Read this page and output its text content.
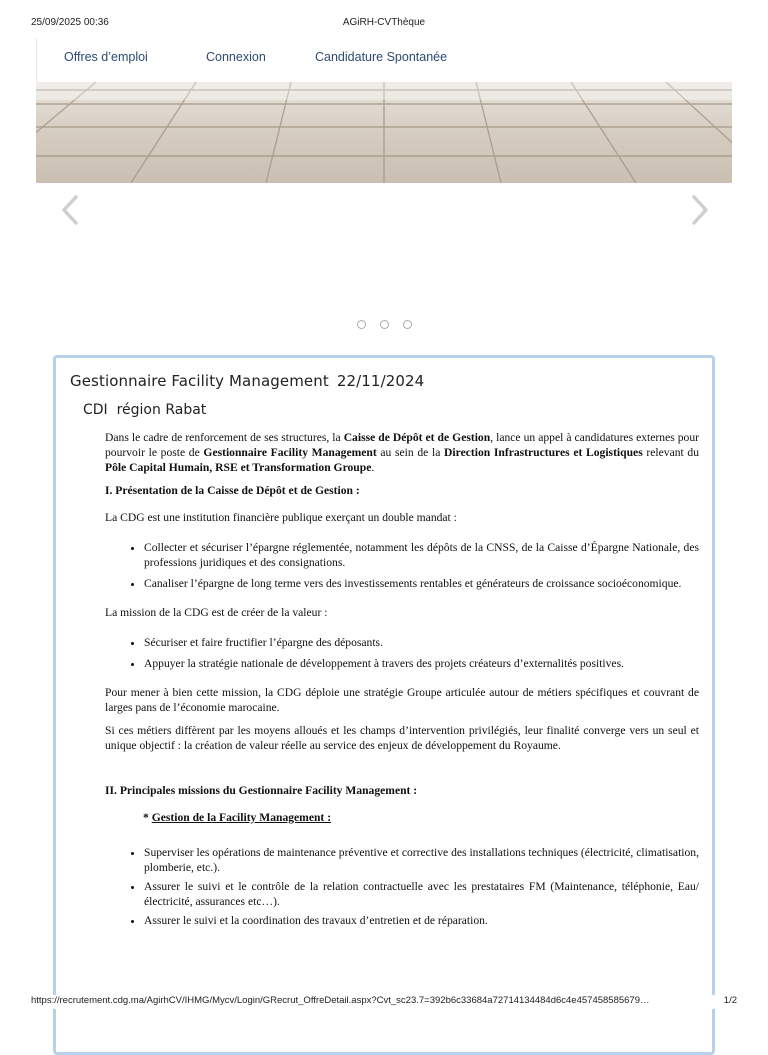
25/09/2025 00:36	AGiRH-CVThèque
Offres d’emploi	Connexion	Candidature Spontanée
Gestionnaire Facility Management 22/11/2024
CDI région Rabat

Dans le cadre de renforcement de ses structures, la Caisse de Dépôt et de Gestion, lance un appel à candidatures externes pour pourvoir le poste de Gestionnaire Facility Management au sein de la Direction Infrastructures et Logistiques relevant du Pôle Capital Humain, RSE et Transformation Groupe.

I. Présentation de la Caisse de Dépôt et de Gestion :

La CDG est une institution financière publique exerçant un double mandat :

• Collecter et sécuriser l’épargne réglementée, notamment les dépôts de la CNSS, de la Caisse d’Épargne Nationale, des professions juridiques et des consignations.
• Canaliser l’épargne de long terme vers des investissements rentables et générateurs de croissance socioéconomique.

La mission de la CDG est de créer de la valeur :

• Sécuriser et faire fructifier l’épargne des déposants.
• Appuyer la stratégie nationale de développement à travers des projets créateurs d’externalités positives.

Pour mener à bien cette mission, la CDG déploie une stratégie Groupe articulée autour de métiers spécifiques et couvrant de larges pans de l’économie marocaine.

Si ces métiers diffèrent par les moyens alloués et les champs d’intervention privilégiés, leur finalité converge vers un seul et unique objectif : la création de valeur réelle au service des enjeux de développement du Royaume.

II. Principales missions du Gestionnaire Facility Management :

* Gestion de la Facility Management :

• Superviser les opérations de maintenance préventive et corrective des installations techniques (électricité, climatisation, plomberie, etc.).
• Assurer le suivi et le contrôle de la relation contractuelle avec les prestataires FM (Maintenance, téléphonie, Eau/électricité, assurances etc…).
• Assurer le suivi et la coordination des travaux d’entretien et de réparation.
https://recrutement.cdg.ma/AgirhCV/IHMG/Mycv/Login/GRecrut_OffreDetail.aspx?Cvt_sc23.7=392b6c33684a72714134484d6c4e457458585679…	1/2
